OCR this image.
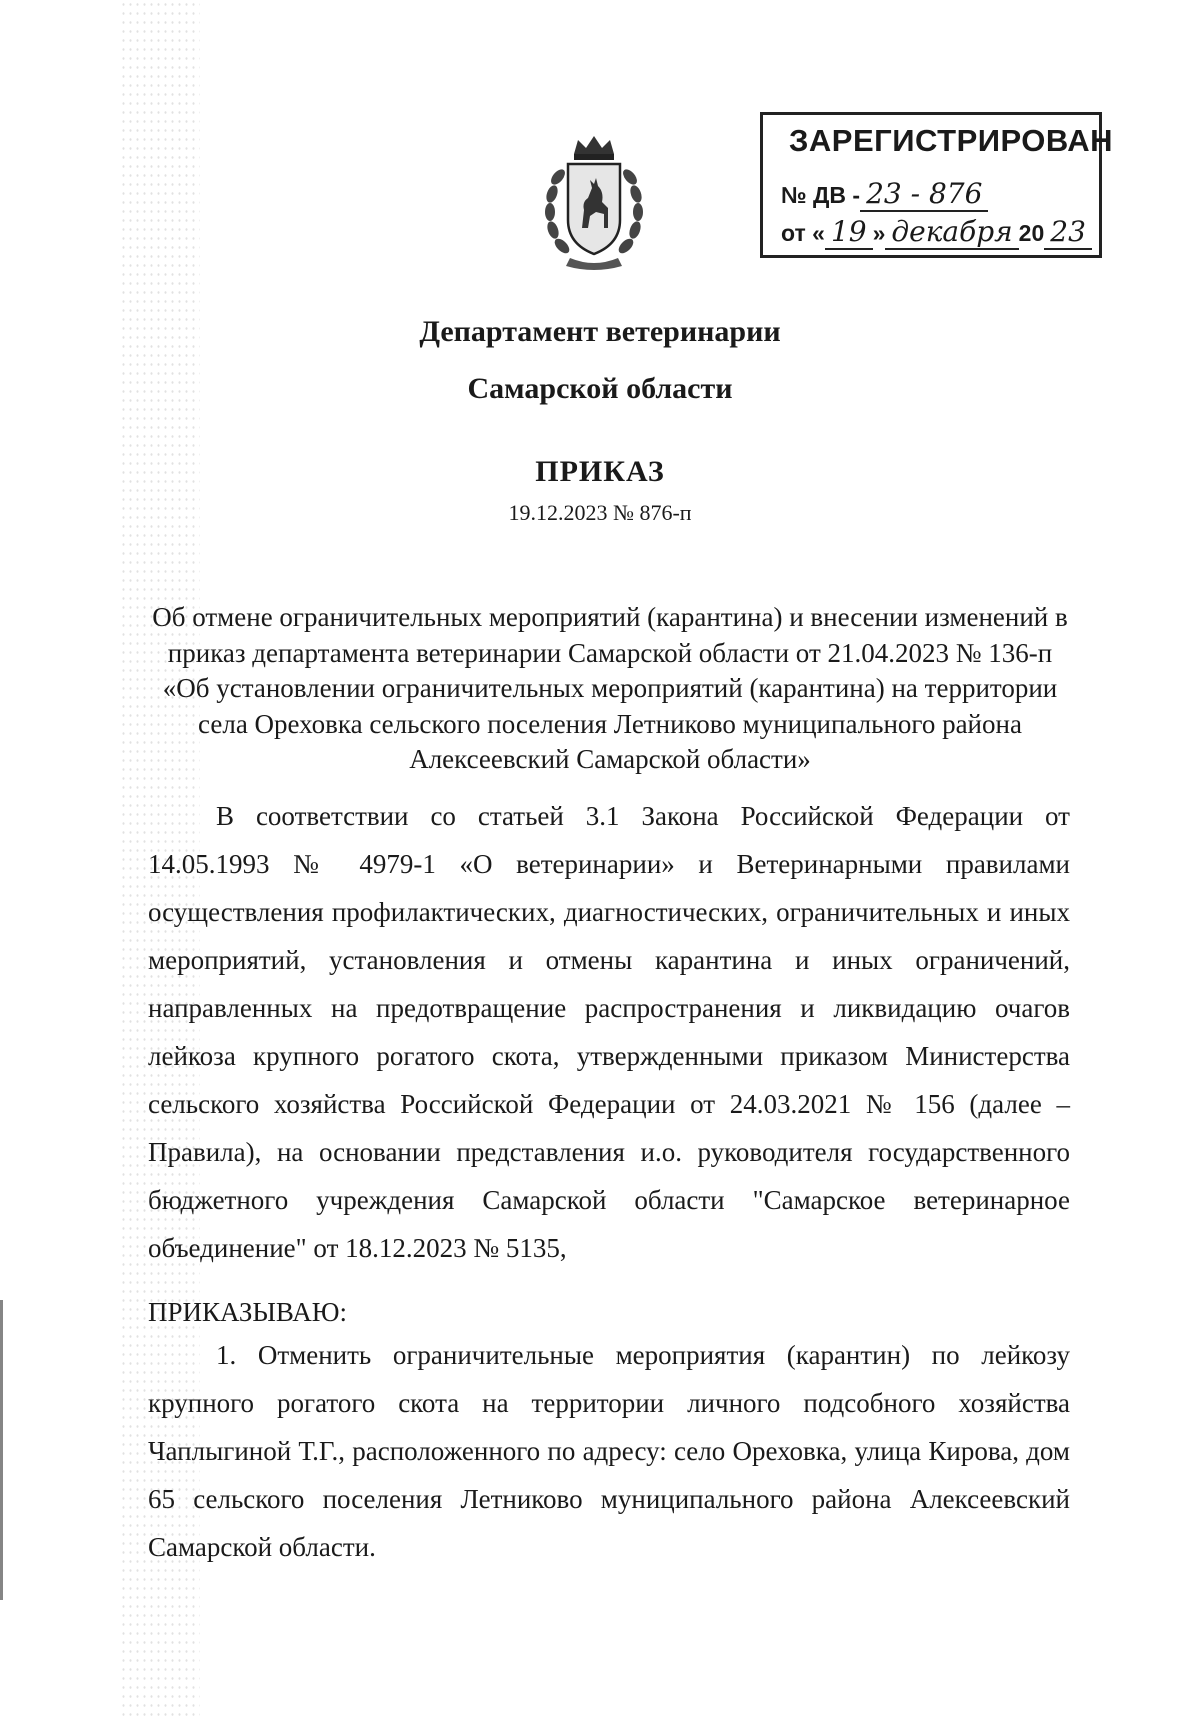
ЗАРЕГИСТРИРОВАН
№ ДВ - 23 - 876
от « 19 » декабря 20 23
Департамент ветеринарии
Самарской области
ПРИКАЗ
19.12.2023 № 876-п
Об отмене ограничительных мероприятий (карантина) и внесении изменений в приказ департамента ветеринарии Самарской области от 21.04.2023 № 136-п «Об установлении ограничительных мероприятий (карантина) на территории села Ореховка сельского поселения Летниково муниципального района Алексеевский Самарской области»

В соответствии со статьей 3.1 Закона Российской Федерации от 14.05.1993 № 4979-1 «О ветеринарии» и Ветеринарными правилами осуществления профилактических, диагностических, ограничительных и иных мероприятий, установления и отмены карантина и иных ограничений, направленных на предотвращение распространения и ликвидацию очагов лейкоза крупного рогатого скота, утвержденными приказом Министерства сельского хозяйства Российской Федерации от 24.03.2021 № 156 (далее – Правила), на основании представления и.о. руководителя государственного бюджетного учреждения Самарской области "Самарское ветеринарное объединение" от 18.12.2023 № 5135,

ПРИКАЗЫВАЮ:

1. Отменить ограничительные мероприятия (карантин) по лейкозу крупного рогатого скота на территории личного подсобного хозяйства Чаплыгиной Т.Г., расположенного по адресу: село Ореховка, улица Кирова, дом 65 сельского поселения Летниково муниципального района Алексеевский Самарской области.
